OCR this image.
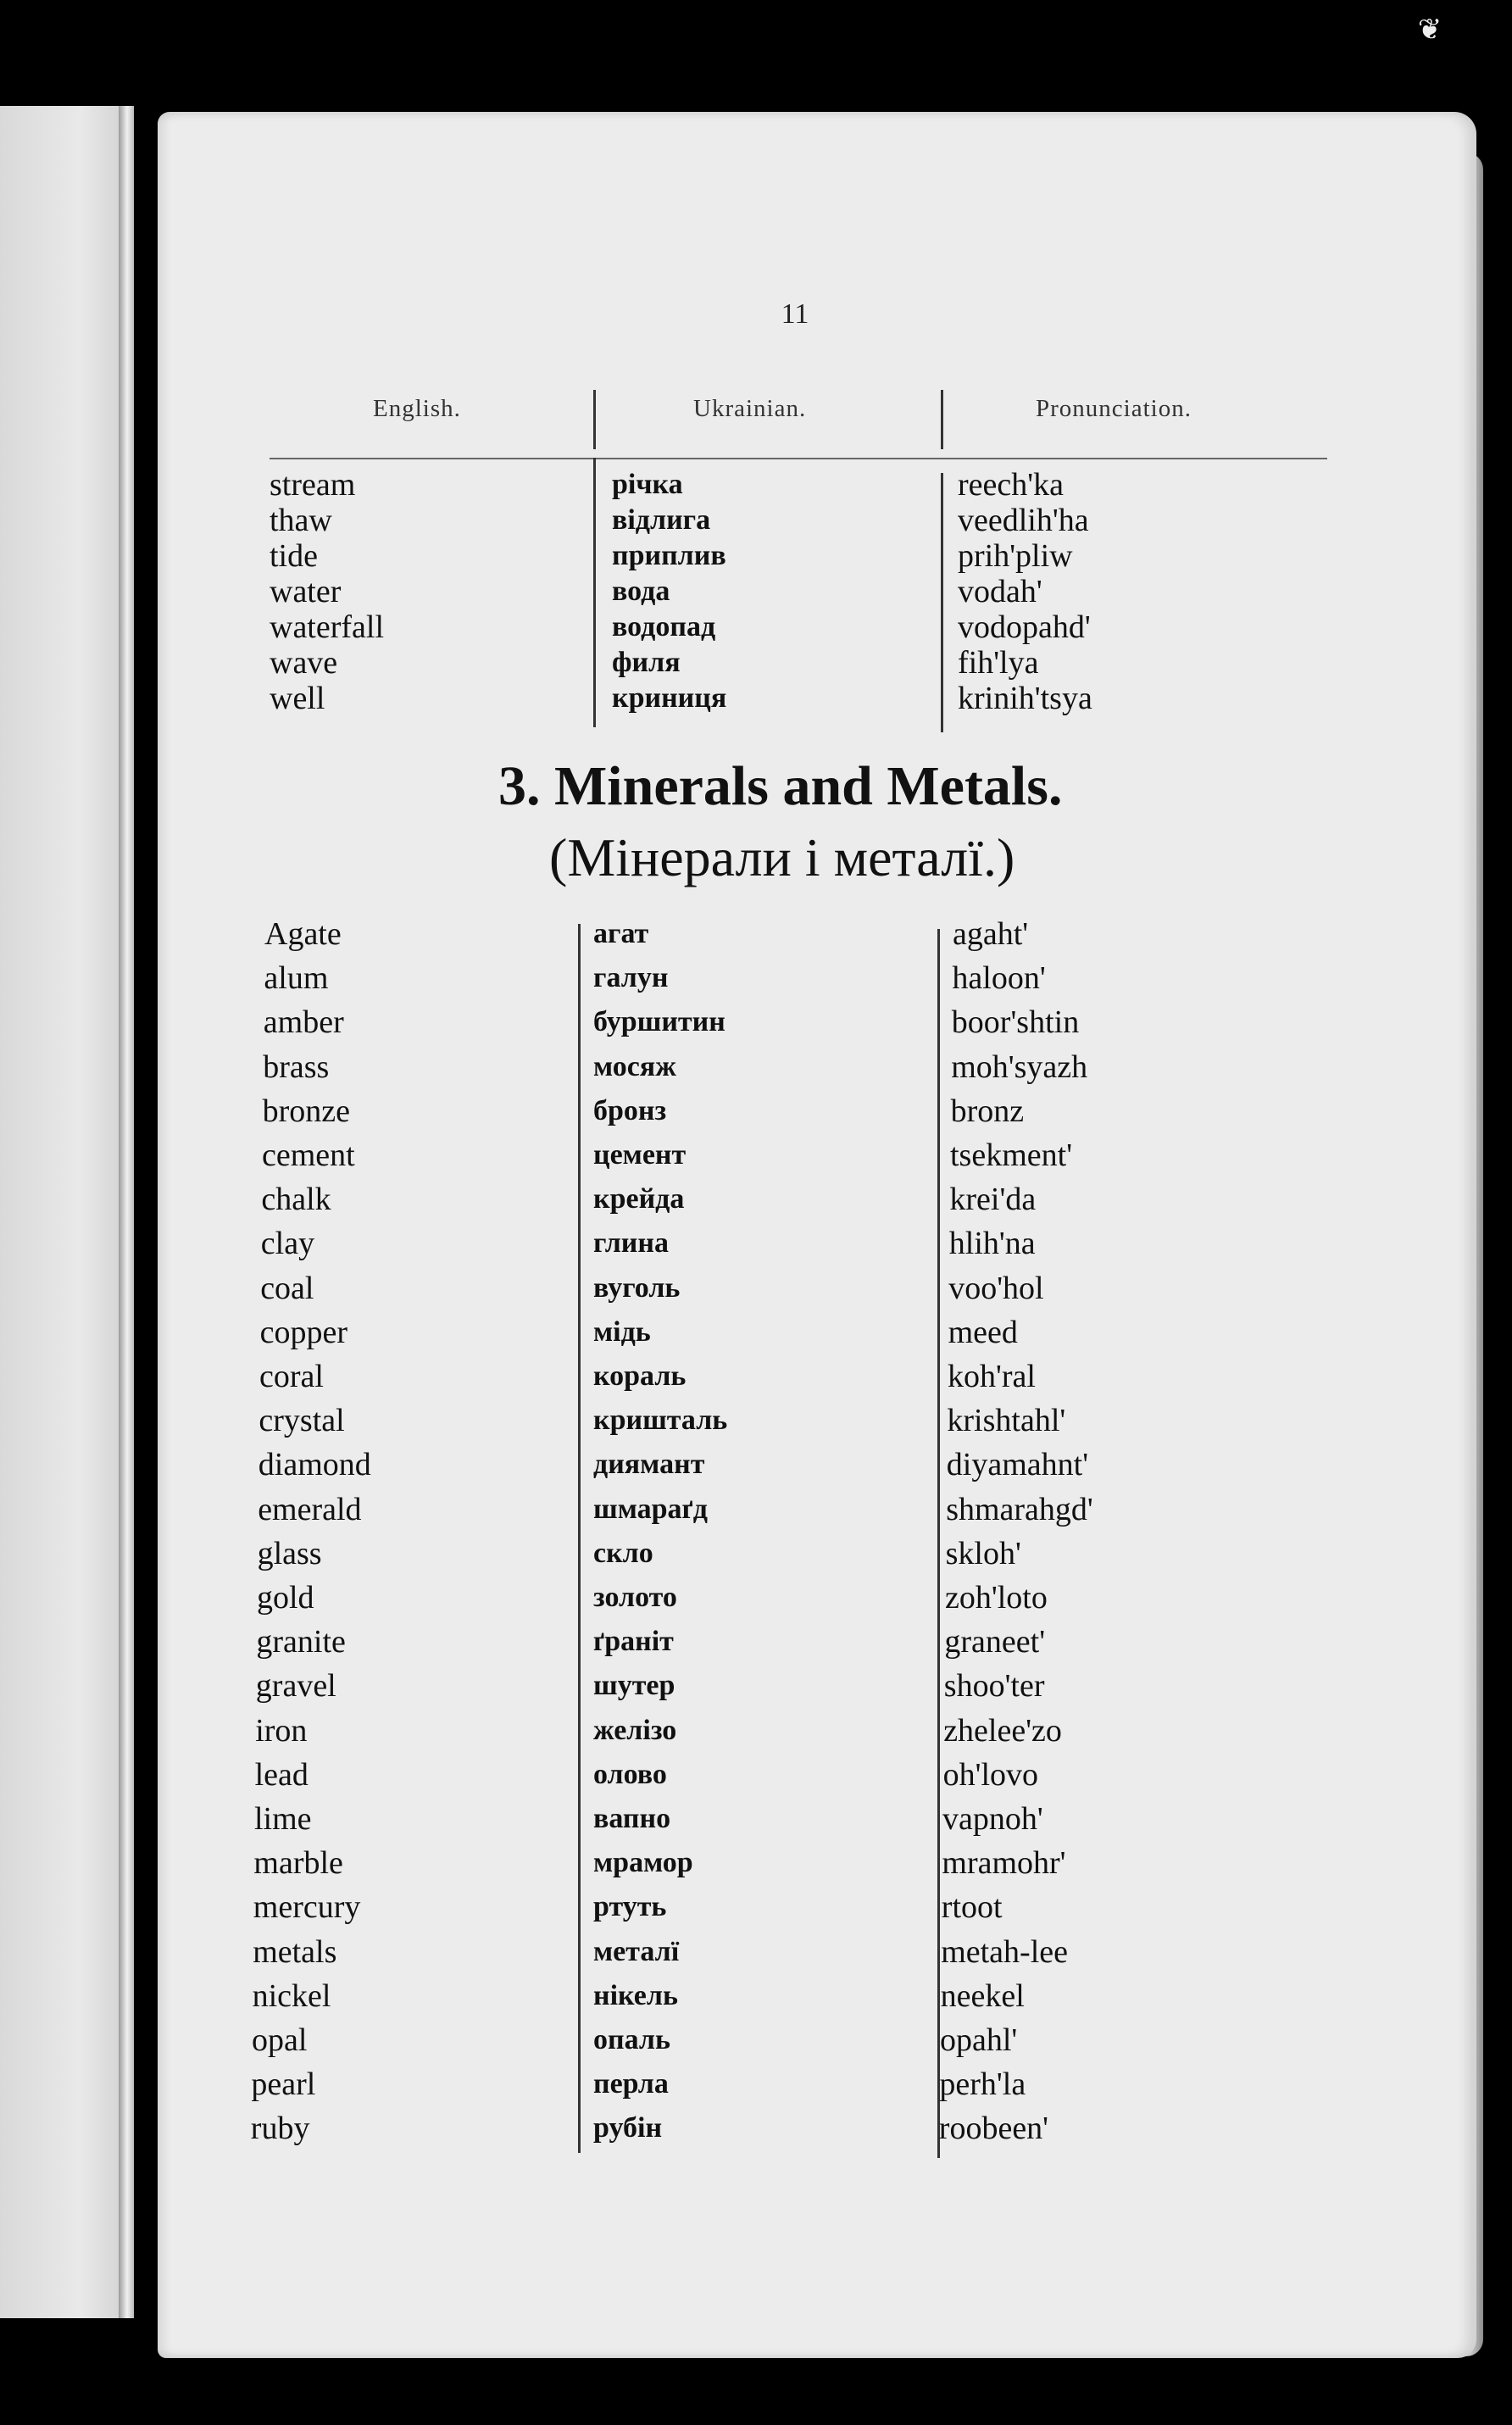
❦
11
English.	Ukrainian.	Pronunciation.
stream	річка	reech'ka
thaw	відлига	veedlih'ha
tide	приплив	prih'pliw
water	вода	vodah'
waterfall	водопад	vodopahd'
wave	филя	fih'lya
well	криниця	krinih'tsya
3. Minerals and Metals.
(Мінерали і металї.)
Agate	агат	agaht'
alum	галун	haloon'
amber	буршитин	boor'shtin
brass	мосяж	moh'syazh
bronze	бронз	bronz
cement	цемент	tsekment'
chalk	крейда	krei'da
clay	глина	hlih'na
coal	вуголь	voo'hol
copper	мідь	meed
coral	кораль	koh'ral
crystal	кришталь	krishtahl'
diamond	диямант	diyamahnt'
emerald	шмараґд	shmarahgd'
glass	скло	skloh'
gold	золото	zoh'loto
granite	ґраніт	graneet'
gravel	шутер	shoo'ter
iron	желізо	zhelee'zo
lead	олово	oh'lovo
lime	вапно	vapnoh'
marble	мрамор	mramohr'
mercury	ртуть	rtoot
metals	металї	metah-lee
nickel	нікель	neekel
opal	опаль	opahl'
pearl	перла	perh'la
ruby	рубін	roobeen'
